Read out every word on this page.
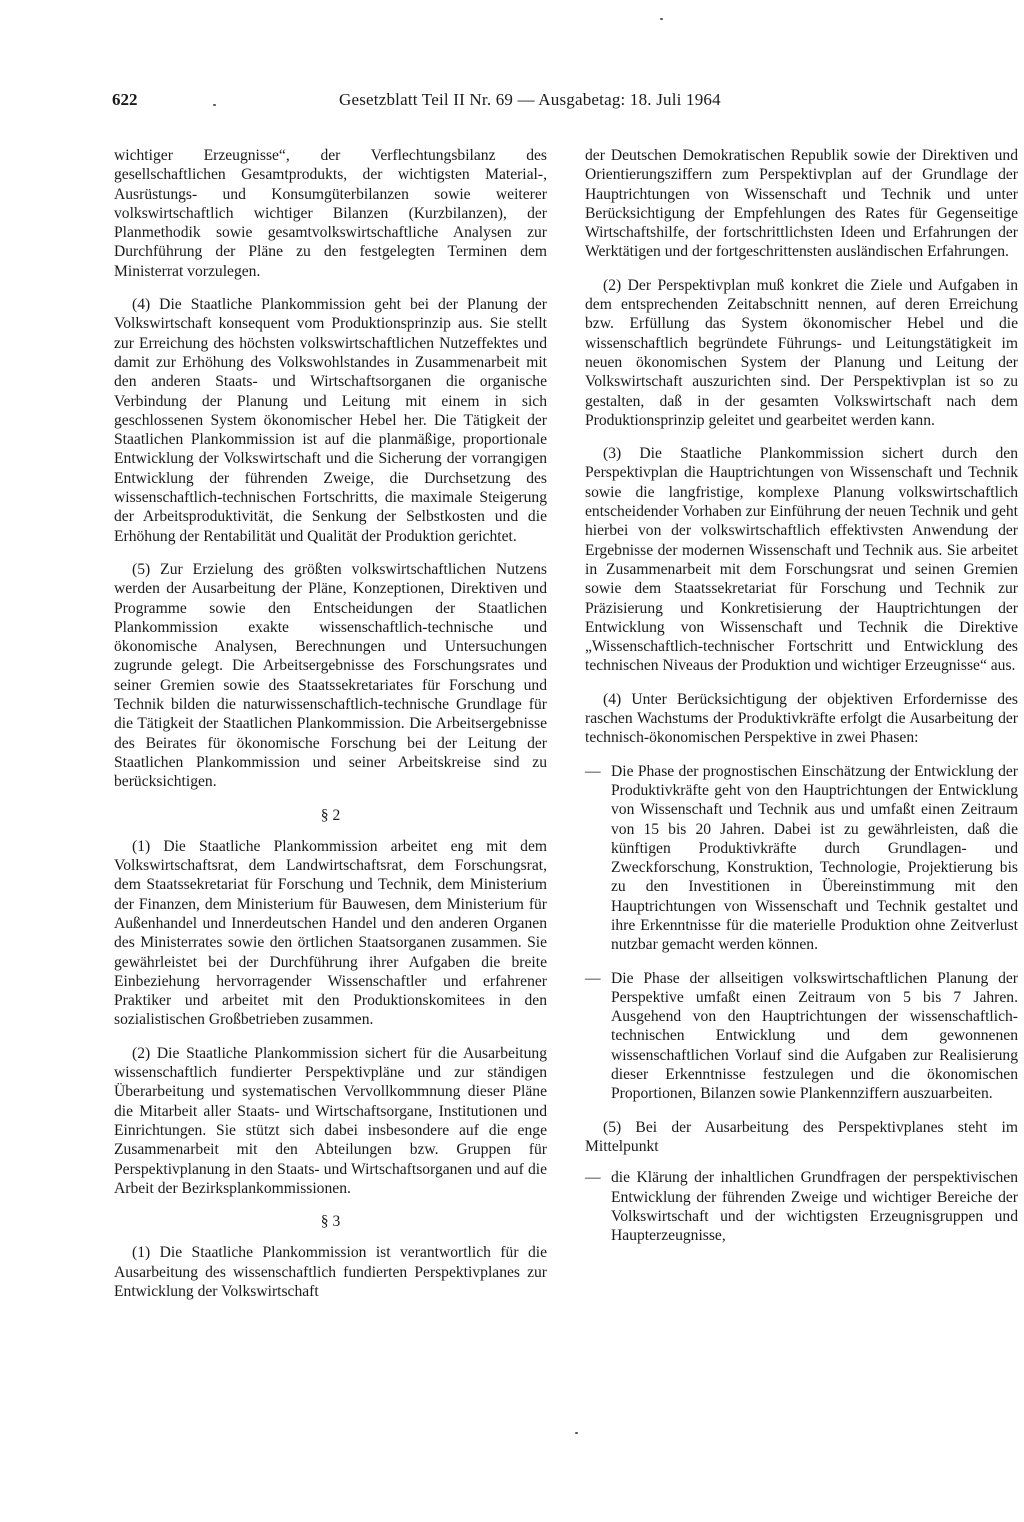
622	Gesetzblatt Teil II Nr. 69 — Ausgabetag: 18. Juli 1964

wichtiger Erzeugnisse“, der Verflechtungsbilanz des gesellschaftlichen Gesamtprodukts, der wichtigsten Material-, Ausrüstungs- und Konsumgüterbilanzen sowie weiterer volkswirtschaftlich wichtiger Bilanzen (Kurzbilanzen), der Planmethodik sowie gesamtvolkswirtschaftliche Analysen zur Durchführung der Pläne zu den festgelegten Terminen dem Ministerrat vorzulegen.

(4) Die Staatliche Plankommission geht bei der Planung der Volkswirtschaft konsequent vom Produktionsprinzip aus. Sie stellt zur Erreichung des höchsten volkswirtschaftlichen Nutzeffektes und damit zur Erhöhung des Volkswohlstandes in Zusammenarbeit mit den anderen Staats- und Wirtschaftsorganen die organische Verbindung der Planung und Leitung mit einem in sich geschlossenen System ökonomischer Hebel her. Die Tätigkeit der Staatlichen Plankommission ist auf die planmäßige, proportionale Entwicklung der Volkswirtschaft und die Sicherung der vorrangigen Entwicklung der führenden Zweige, die Durchsetzung des wissenschaftlich-technischen Fortschritts, die maximale Steigerung der Arbeitsproduktivität, die Senkung der Selbstkosten und die Erhöhung der Rentabilität und Qualität der Produktion gerichtet.

(5) Zur Erzielung des größten volkswirtschaftlichen Nutzens werden der Ausarbeitung der Pläne, Konzeptionen, Direktiven und Programme sowie den Entscheidungen der Staatlichen Plankommission exakte wissenschaftlich-technische und ökonomische Analysen, Berechnungen und Untersuchungen zugrunde gelegt. Die Arbeitsergebnisse des Forschungsrates und seiner Gremien sowie des Staatssekretariates für Forschung und Technik bilden die naturwissenschaftlich-technische Grundlage für die Tätigkeit der Staatlichen Plankommission. Die Arbeitsergebnisse des Beirates für ökonomische Forschung bei der Leitung der Staatlichen Plankommission und seiner Arbeitskreise sind zu berücksichtigen.

§ 2

(1) Die Staatliche Plankommission arbeitet eng mit dem Volkswirtschaftsrat, dem Landwirtschaftsrat, dem Forschungsrat, dem Staatssekretariat für Forschung und Technik, dem Ministerium der Finanzen, dem Ministerium für Bauwesen, dem Ministerium für Außenhandel und Innerdeutschen Handel und den anderen Organen des Ministerrates sowie den örtlichen Staatsorganen zusammen. Sie gewährleistet bei der Durchführung ihrer Aufgaben die breite Einbeziehung hervorragender Wissenschaftler und erfahrener Praktiker und arbeitet mit den Produktionskomitees in den sozialistischen Großbetrieben zusammen.

(2) Die Staatliche Plankommission sichert für die Ausarbeitung wissenschaftlich fundierter Perspektivpläne und zur ständigen Überarbeitung und systematischen Vervollkommnung dieser Pläne die Mitarbeit aller Staats- und Wirtschaftsorgane, Institutionen und Einrichtungen. Sie stützt sich dabei insbesondere auf die enge Zusammenarbeit mit den Abteilungen bzw. Gruppen für Perspektivplanung in den Staats- und Wirtschaftsorganen und auf die Arbeit der Bezirksplankommissionen.

§ 3

(1) Die Staatliche Plankommission ist verantwortlich für die Ausarbeitung des wissenschaftlich fundierten Perspektivplanes zur Entwicklung der Volkswirtschaft

der Deutschen Demokratischen Republik sowie der Direktiven und Orientierungsziffern zum Perspektivplan auf der Grundlage der Hauptrichtungen von Wissenschaft und Technik und unter Berücksichtigung der Empfehlungen des Rates für Gegenseitige Wirtschaftshilfe, der fortschrittlichsten Ideen und Erfahrungen der Werktätigen und der fortgeschrittensten ausländischen Erfahrungen.

(2) Der Perspektivplan muß konkret die Ziele und Aufgaben in dem entsprechenden Zeitabschnitt nennen, auf deren Erreichung bzw. Erfüllung das System ökonomischer Hebel und die wissenschaftlich begründete Führungs- und Leitungstätigkeit im neuen ökonomischen System der Planung und Leitung der Volkswirtschaft auszurichten sind. Der Perspektivplan ist so zu gestalten, daß in der gesamten Volkswirtschaft nach dem Produktionsprinzip geleitet und gearbeitet werden kann.

(3) Die Staatliche Plankommission sichert durch den Perspektivplan die Hauptrichtungen von Wissenschaft und Technik sowie die langfristige, komplexe Planung volkswirtschaftlich entscheidender Vorhaben zur Einführung der neuen Technik und geht hierbei von der volkswirtschaftlich effektivsten Anwendung der Ergebnisse der modernen Wissenschaft und Technik aus. Sie arbeitet in Zusammenarbeit mit dem Forschungsrat und seinen Gremien sowie dem Staatssekretariat für Forschung und Technik zur Präzisierung und Konkretisierung der Hauptrichtungen der Entwicklung von Wissenschaft und Technik die Direktive „Wissenschaftlich-technischer Fortschritt und Entwicklung des technischen Niveaus der Produktion und wichtiger Erzeugnisse“ aus.

(4) Unter Berücksichtigung der objektiven Erfordernisse des raschen Wachstums der Produktivkräfte erfolgt die Ausarbeitung der technisch-ökonomischen Perspektive in zwei Phasen:

— Die Phase der prognostischen Einschätzung der Entwicklung der Produktivkräfte geht von den Hauptrichtungen der Entwicklung von Wissenschaft und Technik aus und umfaßt einen Zeitraum von 15 bis 20 Jahren. Dabei ist zu gewährleisten, daß die künftigen Produktivkräfte durch Grundlagen- und Zweckforschung, Konstruktion, Technologie, Projektierung bis zu den Investitionen in Übereinstimmung mit den Hauptrichtungen von Wissenschaft und Technik gestaltet und ihre Erkenntnisse für die materielle Produktion ohne Zeitverlust nutzbar gemacht werden können.
— Die Phase der allseitigen volkswirtschaftlichen Planung der Perspektive umfaßt einen Zeitraum von 5 bis 7 Jahren. Ausgehend von den Hauptrichtungen der wissenschaftlich-technischen Entwicklung und dem gewonnenen wissenschaftlichen Vorlauf sind die Aufgaben zur Realisierung dieser Erkenntnisse festzulegen und die ökonomischen Proportionen, Bilanzen sowie Plankennziffern auszuarbeiten.

(5) Bei der Ausarbeitung des Perspektivplanes steht im Mittelpunkt

— die Klärung der inhaltlichen Grundfragen der perspektivischen Entwicklung der führenden Zweige und wichtiger Bereiche der Volkswirtschaft und der wichtigsten Erzeugnisgruppen und Haupterzeugnisse,
